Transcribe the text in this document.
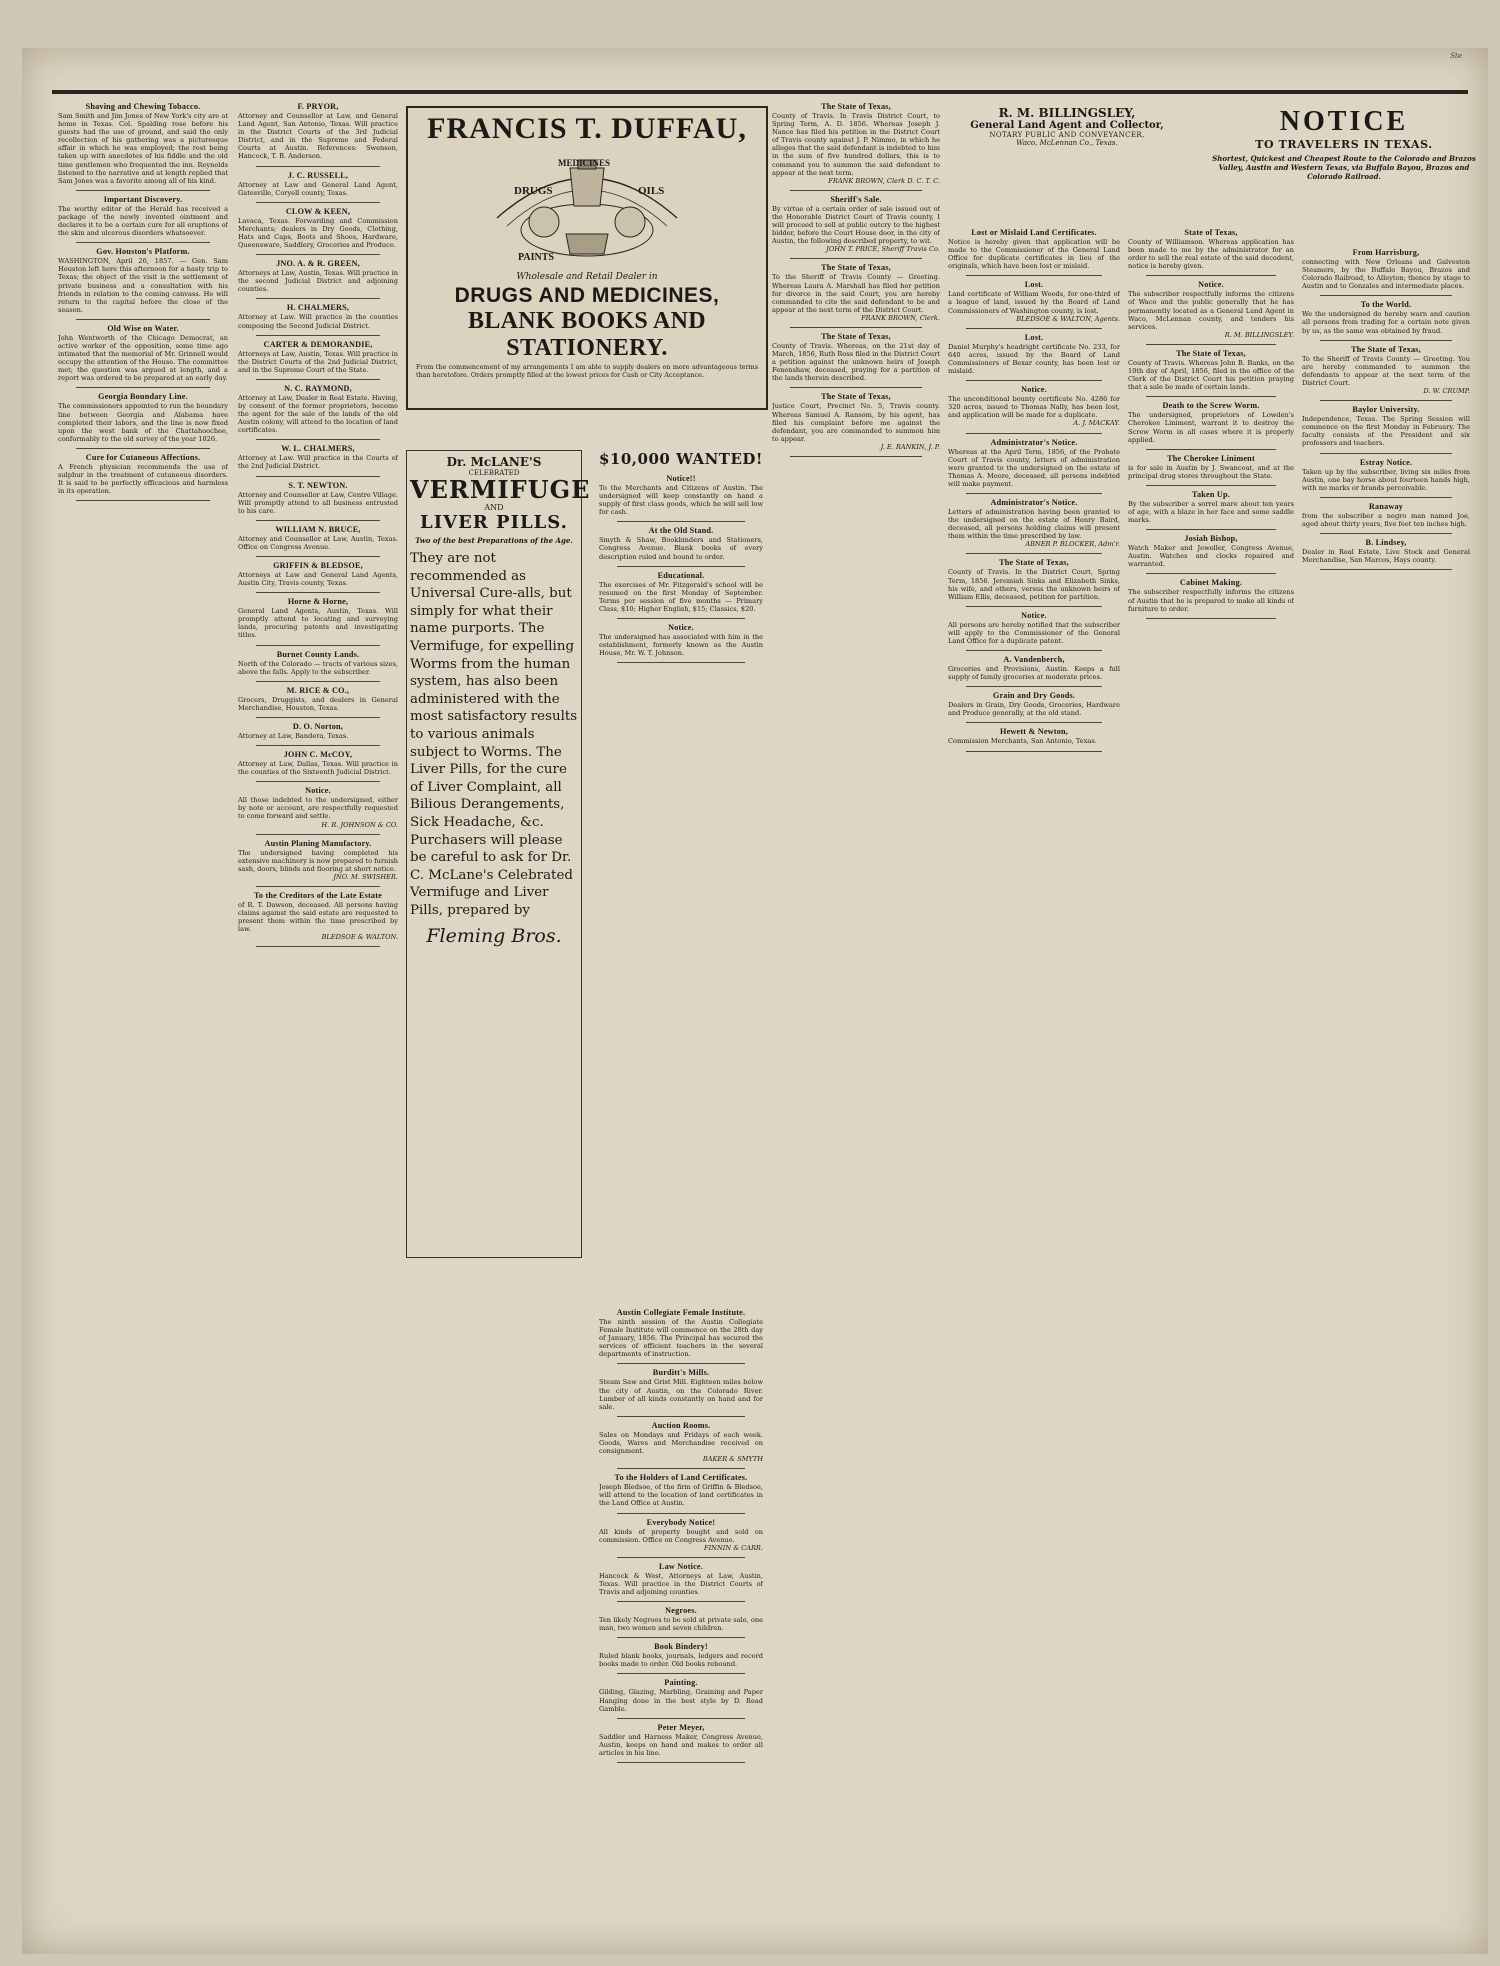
Ste
Shaving and Chewing Tobacco.

Sam Smith and Jim Jones of New York's city are at home in Texas. Col. Spalding rose before his guests had the use of ground, and said the only recollection of his gathering was a picturesque affair in which he was employed; the rest being taken up with anecdotes of his fiddle and the old time gentlemen who frequented the inn. Reynolds listened to the narrative and at length replied that Sam Jones was a favorite among all of his kind.

Important Discovery.

The worthy editor of the Herald has received a package of the newly invented ointment and declares it to be a certain cure for all eruptions of the skin and ulcerous disorders whatsoever.

Gov. Houston's Platform.

WASHINGTON, April 26, 1857. — Gen. Sam Houston left here this afternoon for a hasty trip to Texas; the object of the visit is the settlement of private business and a consultation with his friends in relation to the coming canvass. He will return to the capital before the close of the season.

Old Wise on Water.

John Wentworth of the Chicago Democrat, an active worker of the opposition, some time ago intimated that the memorial of Mr. Grinnell would occupy the attention of the House. The committee met; the question was argued at length, and a report was ordered to be prepared at an early day.

Georgia Boundary Line.

The commissioners appointed to run the boundary line between Georgia and Alabama have completed their labors, and the line is now fixed upon the west bank of the Chattahoochee, conformably to the old survey of the year 1826.

Cure for Cutaneous Affections.

A French physician recommends the use of sulphur in the treatment of cutaneous disorders. It is said to be perfectly efficacious and harmless in its operation.

F. PRYOR,

Attorney and Counsellor at Law, and General Land Agent, San Antonio, Texas. Will practice in the District Courts of the 3rd Judicial District, and in the Supreme and Federal Courts at Austin. References: Swenson, Hancock, T. B. Anderson.

J. C. RUSSELL,

Attorney at Law and General Land Agent, Gatesville, Coryell county, Texas.

CLOW & KEEN,

Lavaca, Texas. Forwarding and Commission Merchants; dealers in Dry Goods, Clothing, Hats and Caps, Boots and Shoes, Hardware, Queensware, Saddlery, Groceries and Produce.

JNO. A. & R. GREEN,

Attorneys at Law, Austin, Texas. Will practice in the second Judicial District and adjoining counties.

H. CHALMERS,

Attorney at Law. Will practice in the counties composing the Second Judicial District.

CARTER & DEMORANDIE,

Attorneys at Law, Austin, Texas. Will practice in the District Courts of the 2nd Judicial District, and in the Supreme Court of the State.

N. C. RAYMOND,

Attorney at Law, Dealer in Real Estate. Having, by consent of the former proprietors, become the agent for the sale of the lands of the old Austin colony, will attend to the location of land certificates.

W. L. CHALMERS,

Attorney at Law. Will practice in the Courts of the 2nd Judicial District.

S. T. NEWTON.

Attorney and Counsellor at Law, Centre Village. Will promptly attend to all business entrusted to his care.

WILLIAM N. BRUCE,

Attorney and Counsellor at Law, Austin, Texas. Office on Congress Avenue.

GRIFFIN & BLEDSOE,

Attorneys at Law and General Land Agents, Austin City, Travis county, Texas.

Horne & Horne,

General Land Agents, Austin, Texas. Will promptly attend to locating and surveying lands, procuring patents and investigating titles.

Burnet County Lands.

North of the Colorado — tracts of various sizes, above the falls. Apply to the subscriber.

M. RICE & CO.,

Grocers, Druggists, and dealers in General Merchandise, Houston, Texas.

D. O. Norton,

Attorney at Law, Bandera, Texas.

JOHN C. McCOY,

Attorney at Law, Dallas, Texas. Will practice in the counties of the Sixteenth Judicial District.

Notice.

All those indebted to the undersigned, either by note or account, are respectfully requested to come forward and settle.

H. R. JOHNSON & CO.

Austin Planing Manufactory.

The undersigned having completed his extensive machinery is now prepared to furnish sash, doors, blinds and flooring at short notice.

JNO. M. SWISHER.

To the Creditors of the Late Estate

of R. T. Dawson, deceased. All persons having claims against the said estate are requested to present them within the time prescribed by law.

BLEDSOE & WALTON.

Notice!!

To the Merchants and Citizens of Austin. The undersigned will keep constantly on hand a supply of first class goods, which he will sell low for cash.

At the Old Stand.

Smyth & Shaw, Bookbinders and Stationers, Congress Avenue. Blank books of every description ruled and bound to order.

Educational.

The exercises of Mr. Fitzgerald's school will be resumed on the first Monday of September. Terms per session of five months — Primary Class, $10; Higher English, $15; Classics, $20.

Notice.

The undersigned has associated with him in the establishment, formerly known as the Austin House, Mr. W. T. Johnson.

Austin Collegiate Female Institute.

The ninth session of the Austin Collegiate Female Institute will commence on the 28th day of January, 1856. The Principal has secured the services of efficient teachers in the several departments of instruction.

Burditt's Mills.

Steam Saw and Grist Mill. Eighteen miles below the city of Austin, on the Colorado River. Lumber of all kinds constantly on hand and for sale.

Auction Rooms.

Sales on Mondays and Fridays of each week. Goods, Wares and Merchandise received on consignment.

BAKER & SMYTH

To the Holders of Land Certificates.

Joseph Bledsoe, of the firm of Griffin & Bledsoe, will attend to the location of land certificates in the Land Office at Austin.

Everybody Notice!

All kinds of property bought and sold on commission. Office on Congress Avenue.

FINNIN & CARR.

Law Notice.

Hancock & West, Attorneys at Law, Austin, Texas. Will practice in the District Courts of Travis and adjoining counties.

Negroes.

Ten likely Negroes to be sold at private sale, one man, two women and seven children.

Book Bindery!

Ruled blank books, journals, ledgers and record books made to order. Old books rebound.

Painting.

Gilding, Glazing, Marbling, Graining and Paper Hanging done in the best style by D. Read Gamble.

Peter Meyer,

Saddler and Harness Maker, Congress Avenue, Austin, keeps on hand and makes to order all articles in his line.

The State of Texas,

County of Travis. In Travis District Court, to Spring Term, A. D. 1856. Whereas Joseph J. Nance has filed his petition in the District Court of Travis county against J. P. Nimmo, in which he alleges that the said defendant is indebted to him in the sum of five hundred dollars, this is to command you to summon the said defendant to appear at the next term.

FRANK BROWN, Clerk D. C. T. C.

Sheriff's Sale.

By virtue of a certain order of sale issued out of the Honorable District Court of Travis county, I will proceed to sell at public outcry to the highest bidder, before the Court House door, in the city of Austin, the following described property, to wit.

JOHN T. PRICE, Sheriff Travis Co.

The State of Texas,

To the Sheriff of Travis County — Greeting. Whereas Laura A. Marshall has filed her petition for divorce in the said Court, you are hereby commanded to cite the said defendant to be and appear at the next term of the District Court.

FRANK BROWN, Clerk.

The State of Texas,

County of Travis. Whereas, on the 21st day of March, 1856, Ruth Ross filed in the District Court a petition against the unknown heirs of Joseph Fenenshaw, deceased, praying for a partition of the lands therein described.

The State of Texas,

Justice Court, Precinct No. 5, Travis county. Whereas Samuel A. Ransom, by his agent, has filed his complaint before me against the defendant, you are commanded to summon him to appear.

J. E. RANKIN, J. P.

Lost or Mislaid Land Certificates.

Notice is hereby given that application will be made to the Commissioner of the General Land Office for duplicate certificates in lieu of the originals, which have been lost or mislaid.

Lost.

Land certificate of William Woods, for one-third of a league of land, issued by the Board of Land Commissioners of Washington county, is lost.

BLEDSOE & WALTON, Agents.

Lost.

Daniel Murphy's headright certificate No. 233, for 640 acres, issued by the Board of Land Commissioners of Bexar county, has been lost or mislaid.

Notice.

The unconditional bounty certificate No. 4286 for 320 acres, issued to Thomas Nally, has been lost, and application will be made for a duplicate.

A. J. MACKAY.

Administrator's Notice.

Whereas at the April Term, 1856, of the Probate Court of Travis county, letters of administration were granted to the undersigned on the estate of Thomas A. Moore, deceased, all persons indebted will make payment.

Administrator's Notice.

Letters of administration having been granted to the undersigned on the estate of Henry Baird, deceased, all persons holding claims will present them within the time prescribed by law.

ABNER P. BLOCKER, Adm'r.

The State of Texas,

County of Travis. In the District Court, Spring Term, 1856. Jeremiah Sinks and Elizabeth Sinks, his wife, and others, versus the unknown heirs of William Ellis, deceased, petition for partition.

Notice.

All persons are hereby notified that the subscriber will apply to the Commissioner of the General Land Office for a duplicate patent.

A. Vandenberch,

Groceries and Provisions, Austin. Keeps a full supply of family groceries at moderate prices.

Grain and Dry Goods.

Dealers in Grain, Dry Goods, Groceries, Hardware and Produce generally, at the old stand.

Hewett & Newton,

Commission Merchants, San Antonio, Texas.

State of Texas,

County of Williamson. Whereas application has been made to me by the administrator for an order to sell the real estate of the said decedent, notice is hereby given.

Notice.

The subscriber respectfully informs the citizens of Waco and the public generally that he has permanently located as a General Land Agent in Waco, McLennan county, and tenders his services.

R. M. BILLINGSLEY.

The State of Texas,

County of Travis. Whereas John B. Banks, on the 10th day of April, 1856, filed in the office of the Clerk of the District Court his petition praying that a sale be made of certain lands.

Death to the Screw Worm.

The undersigned, proprietors of Lowden's Cherokee Liniment, warrant it to destroy the Screw Worm in all cases where it is properly applied.

The Cherokee Liniment

is for sale in Austin by J. Swancoat, and at the principal drug stores throughout the State.

Taken Up.

By the subscriber a sorrel mare about ten years of age, with a blaze in her face and some saddle marks.

Josiah Bishop,

Watch Maker and Jeweller, Congress Avenue, Austin. Watches and clocks repaired and warranted.

Cabinet Making.

The subscriber respectfully informs the citizens of Austin that he is prepared to make all kinds of furniture to order.

From Harrisburg,

connecting with New Orleans and Galveston Steamers, by the Buffalo Bayou, Brazos and Colorado Railroad, to Alleyton; thence by stage to Austin and to Gonzales and intermediate places.

To the World.

We the undersigned do hereby warn and caution all persons from trading for a certain note given by us, as the same was obtained by fraud.

The State of Texas,

To the Sheriff of Travis County — Greeting. You are hereby commanded to summon the defendants to appear at the next term of the District Court.

D. W. CRUMP.

Baylor University.

Independence, Texas. The Spring Session will commence on the first Monday in February. The faculty consists of the President and six professors and teachers.

Estray Notice.

Taken up by the subscriber, living six miles from Austin, one bay horse about fourteen hands high, with no marks or brands perceivable.

Ranaway

from the subscriber a negro man named Joe, aged about thirty years, five feet ten inches high.

B. Lindsey,

Dealer in Real Estate, Live Stock and General Merchandise, San Marcos, Hays county.

FRANCIS T. DUFFAU,
DRUGS
MEDICINES
OILS
PAINTS
Wholesale and Retail Dealer in
DRUGS AND MEDICINES,
BLANK BOOKS AND STATIONERY.
From the commencement of my arrangements I am able to supply dealers on more advantageous terms than heretofore. Orders promptly filled at the lowest prices for Cash or City Acceptance.
$10,000 WANTED!
Dr. McLANE'S
CELEBRATED
VERMIFUGE
AND
LIVER PILLS.
Two of the best Preparations of the Age.
They are not recommended as Universal Cure-alls, but simply for what their name purports. The Vermifuge, for expelling Worms from the human system, has also been administered with the most satisfactory results to various animals subject to Worms. The Liver Pills, for the cure of Liver Complaint, all Bilious Derangements, Sick Headache, &c. Purchasers will please be careful to ask for Dr. C. McLane's Celebrated Vermifuge and Liver Pills, prepared by
Fleming Bros.
R. M. BILLINGSLEY,
General Land Agent and Collector,
NOTARY PUBLIC AND CONVEYANCER,
Waco, McLennan Co., Texas.
NOTICE
TO TRAVELERS IN TEXAS.
Shortest, Quickest and Cheapest Route to the Colorado and Brazos Valley, Austin and Western Texas, via Buffalo Bayou, Brazos and Colorado Railroad.
